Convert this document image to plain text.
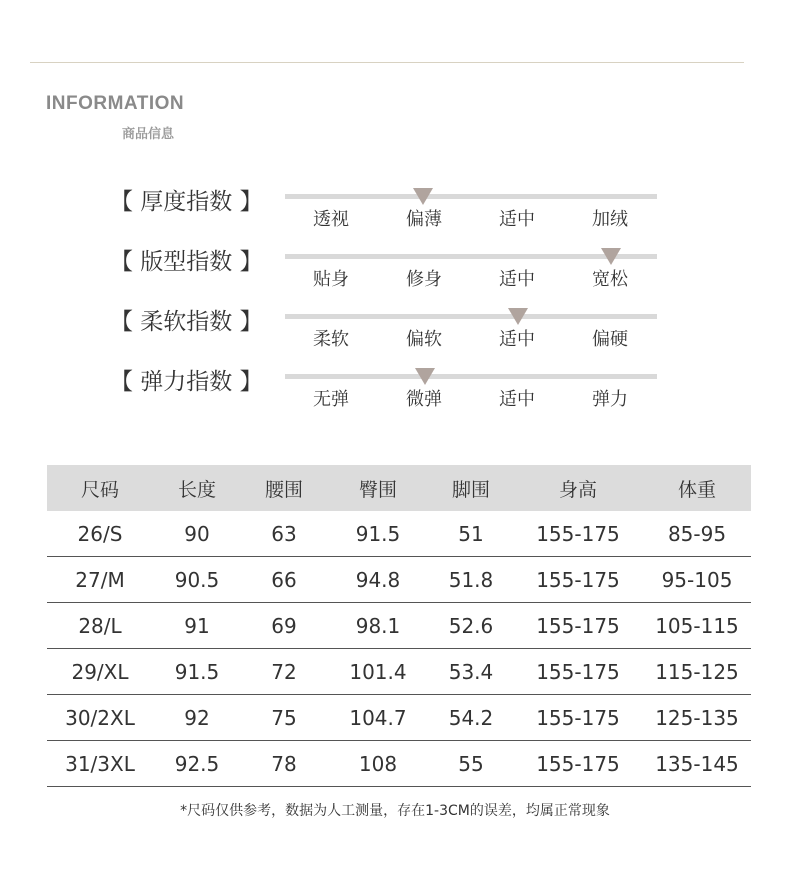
INFORMATION
商品信息
【 厚度指数 】
透视	偏薄	适中	加绒
【 版型指数 】
贴身	修身	适中	宽松
【 柔软指数 】
柔软	偏软	适中	偏硬
【 弹力指数 】
无弹	微弹	适中	弹力
尺码	长度	腰围	臀围	脚围	身高	体重
26/S	90	63	91.5	51	155-175	85-95
27/M	90.5	66	94.8	51.8	155-175	95-105
28/L	91	69	98.1	52.6	155-175	105-115
29/XL	91.5	72	101.4	53.4	155-175	115-125
30/2XL	92	75	104.7	54.2	155-175	125-135
31/3XL	92.5	78	108	55	155-175	135-145
*尺码仅供参考，数据为人工测量，存在1-3CM的误差，均属正常现象
